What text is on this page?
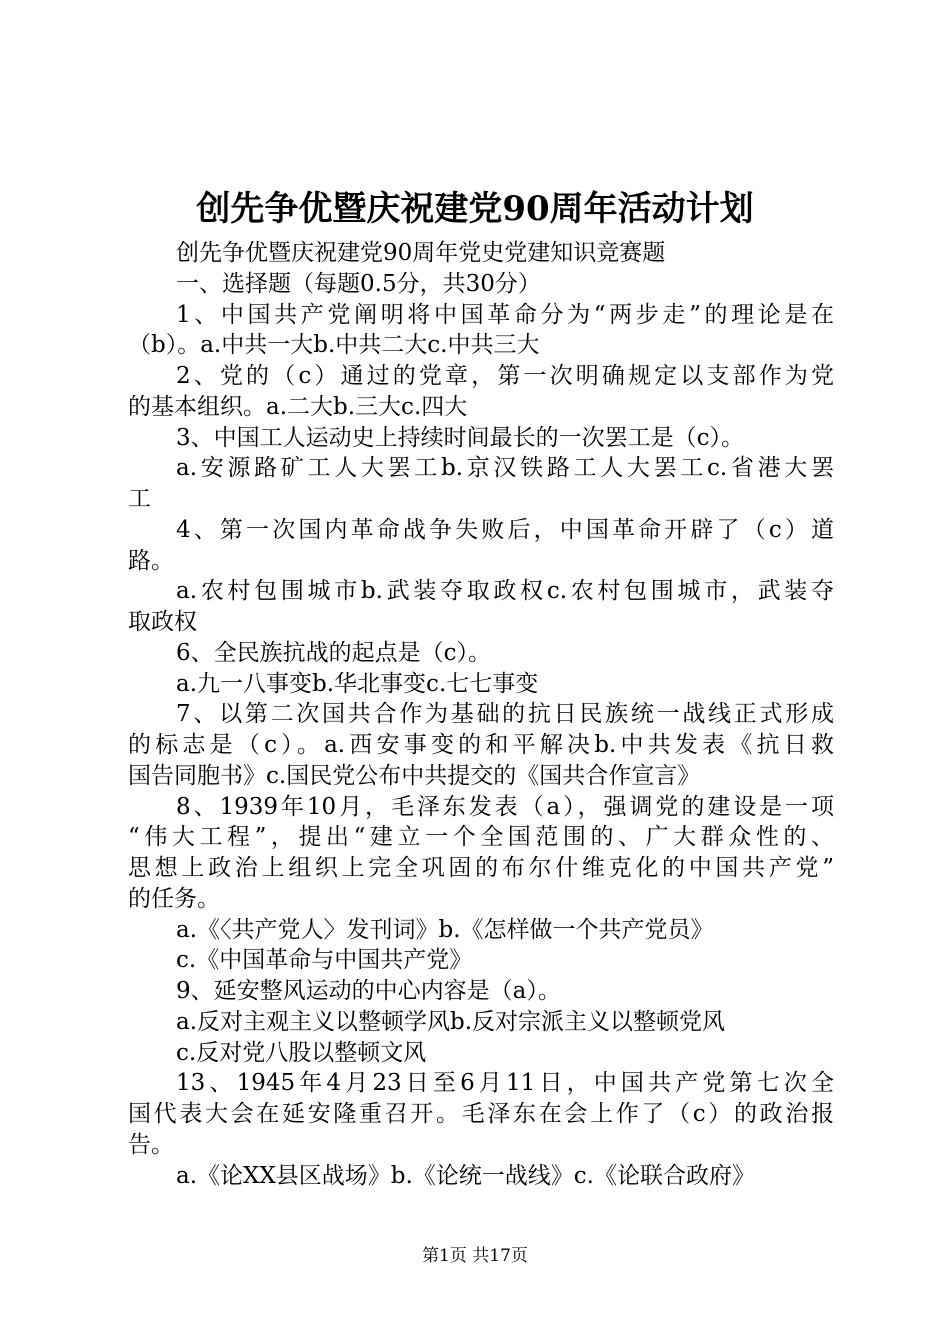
创先争优暨庆祝建党90周年活动计划
创先争优暨庆祝建党90周年党史党建知识竞赛题
一、选择题（每题0.5分，共30分）
1、中国共产党阐明将中国革命分为“两步走”的理论是在
（b）。a.中共一大b.中共二大c.中共三大
2、党的（c）通过的党章，第一次明确规定以支部作为党
的基本组织。a.二大b.三大c.四大
3、中国工人运动史上持续时间最长的一次罢工是（c）。
a.安源路矿工人大罢工b.京汉铁路工人大罢工c.省港大罢
工
4、第一次国内革命战争失败后，中国革命开辟了（c）道
路。
a.农村包围城市b.武装夺取政权c.农村包围城市，武装夺
取政权
6、全民族抗战的起点是（c）。
a.九一八事变b.华北事变c.七七事变
7、以第二次国共合作为基础的抗日民族统一战线正式形成
的标志是（c）。a.西安事变的和平解决b.中共发表《抗日救
国告同胞书》c.国民党公布中共提交的《国共合作宣言》
8、1939年10月，毛泽东发表（a），强调党的建设是一项
“伟大工程”，提出“建立一个全国范围的、广大群众性的、
思想上政治上组织上完全巩固的布尔什维克化的中国共产党”
的任务。
a.《〈共产党人〉发刊词》b.《怎样做一个共产党员》
c.《中国革命与中国共产党》
9、延安整风运动的中心内容是（a）。
a.反对主观主义以整顿学风b.反对宗派主义以整顿党风
c.反对党八股以整顿文风
13、1945年4月23日至6月11日，中国共产党第七次全
国代表大会在延安隆重召开。毛泽东在会上作了（c）的政治报
告。
a.《论XX县区战场》b.《论统一战线》c.《论联合政府》
第1页 共17页
